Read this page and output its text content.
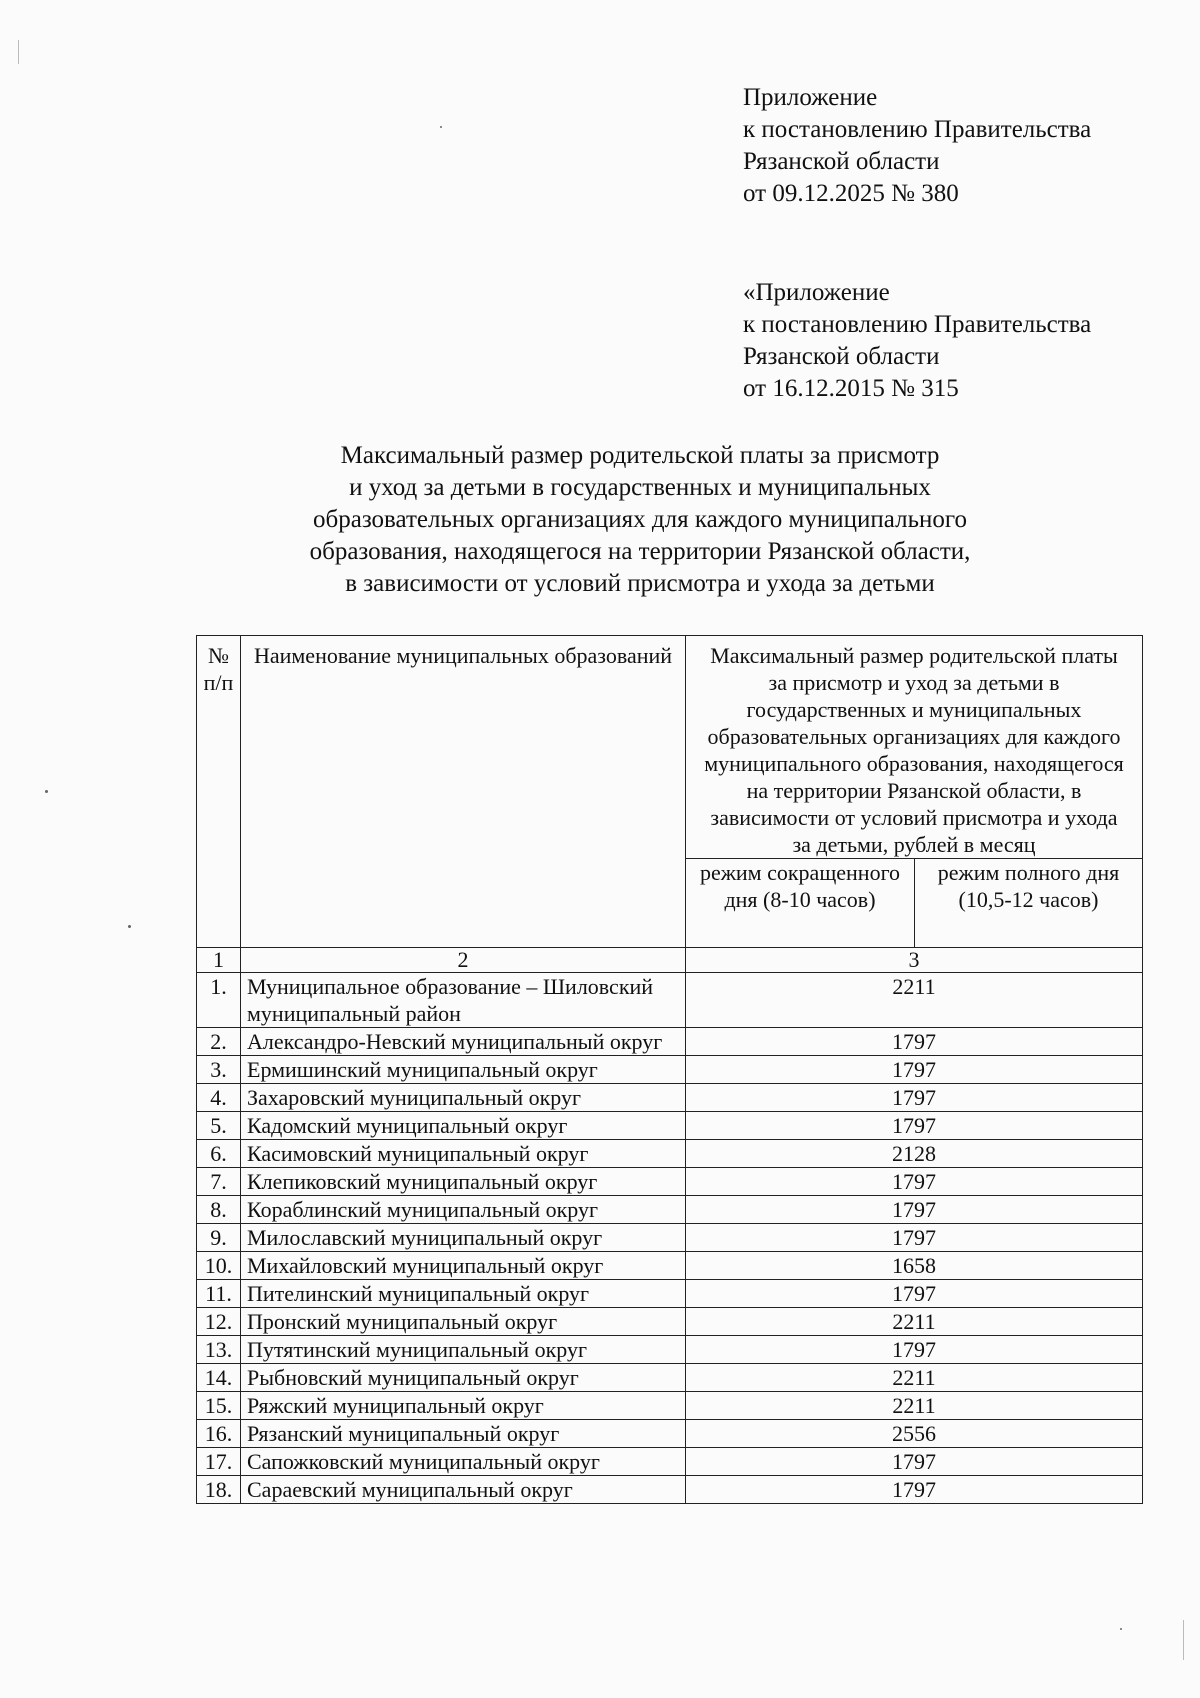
Приложение
к постановлению Правительства
Рязанской области
от 09.12.2025 № 380
«Приложение
к постановлению Правительства
Рязанской области
от 16.12.2015 № 315
Максимальный размер родительской платы за присмотр
и уход за детьми в государственных и муниципальных
образовательных организациях для каждого муниципального
образования, находящегося на территории Рязанской области,
в зависимости от условий присмотра и ухода за детьми
№ п/п	Наименование муниципальных образований	Максимальный размер родительской платы за присмотр и уход за детьми в государственных и муниципальных образовательных организациях для каждого муниципального образования, находящегося на территории Рязанской области, в зависимости от условий присмотра и ухода за детьми, рублей в месяц	
		режим сокращенного дня (8-10 часов)	режим полного дня (10,5-12 часов)
1	2	3	
1.	Муниципальное образование – Шиловский муниципальный район	2211	
2.	Александро-Невский муниципальный округ	1797	
3.	Ермишинский муниципальный округ	1797	
4.	Захаровский муниципальный округ	1797	
5.	Кадомский муниципальный округ	1797	
6.	Касимовский муниципальный округ	2128	
7.	Клепиковский муниципальный округ	1797	
8.	Кораблинский муниципальный округ	1797	
9.	Милославский муниципальный округ	1797	
10.	Михайловский муниципальный округ	1658	
11.	Пителинский муниципальный округ	1797	
12.	Пронский муниципальный округ	2211	
13.	Путятинский муниципальный округ	1797	
14.	Рыбновский муниципальный округ	2211	
15.	Ряжский муниципальный округ	2211	
16.	Рязанский муниципальный округ	2556	
17.	Сапожковский муниципальный округ	1797	
18.	Сараевский муниципальный округ	1797	
